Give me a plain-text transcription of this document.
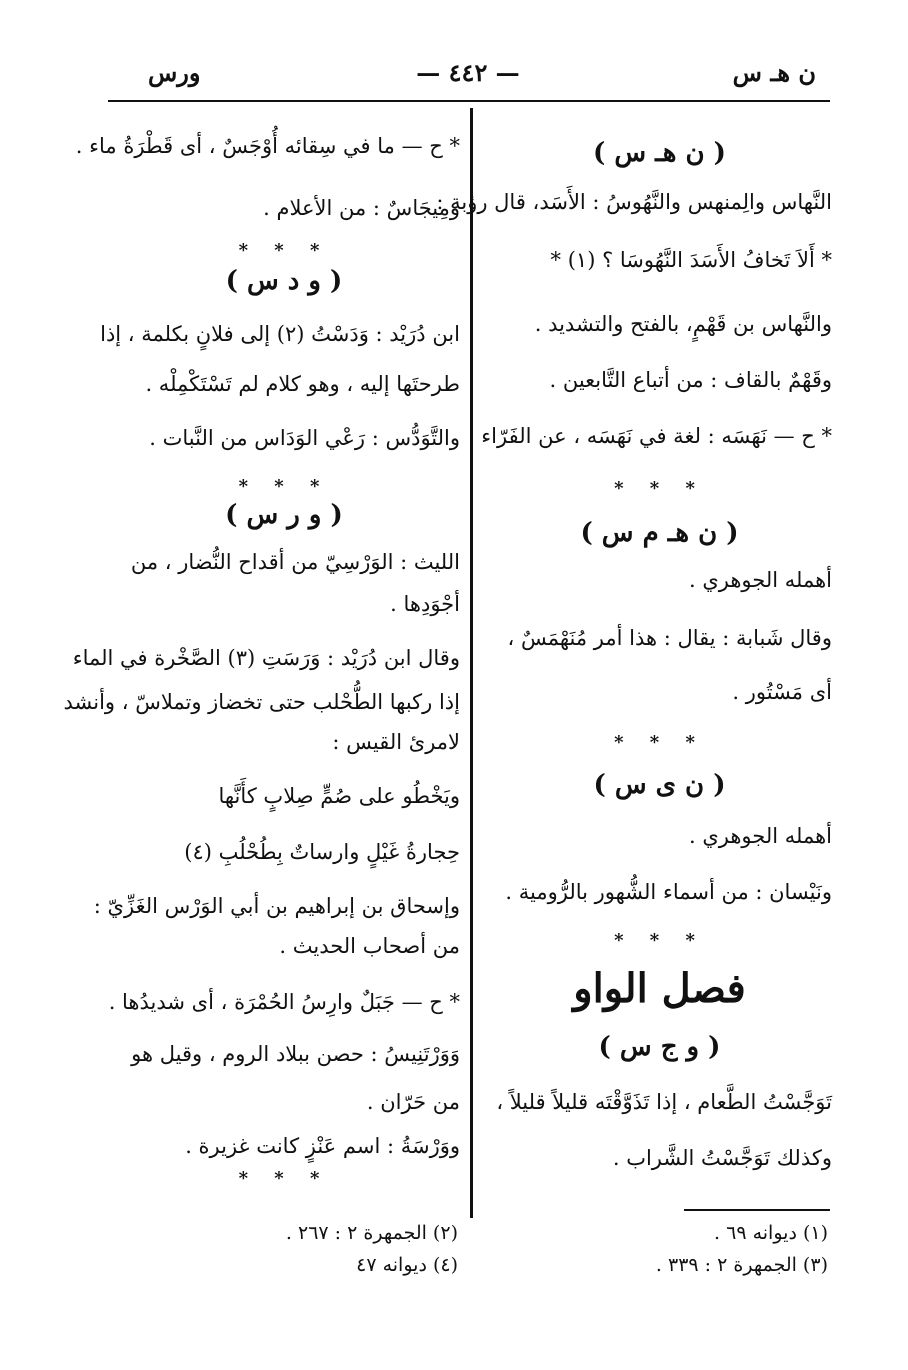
ن هـ س
— ٤٤٢ —
ورس
( ن هـ س )
النَّهاس والِمنهس والنَّهُوسُ : الأَسَد، قال رؤبة :
* أَلاَ تَخافُ الأَسَدَ النَّهُوسَا ؟ (١) *
والنَّهاس بن قَهْمٍ، بالفتح والتشديد .
وقَهْمٌ بالقاف : من أتباع التَّابعين .
* ح — نَهَسَه : لغة في نَهَسَه ، عن الفَرّاء .
* * *
( ن هـ م س )
أهمله الجوهري .
وقال شَبابة : يقال : هذا أمر مُنَهْمَسٌ ،
أى مَسْتُور .
* * *
( ن ى س )
أهمله الجوهري .
ونَيْسان : من أسماء الشُّهور بالرُّومية .
* * *
فصل الواو
( و ج س )
تَوَجَّسْتُ الطَّعام ، إذا تَذَوَّقْتَه قليلاً قليلاً ،
وكذلك تَوَجَّسْتُ الشَّراب .
* ح — ما في سِقائه أُوْجَسٌ ، أى قَطْرَةُ ماء .
ومِيجَاسٌ : من الأعلام .
* * *
( و د س )
ابن دُرَيْد : وَدَسْتُ (٢) إلى فلانٍ بكلمة ، إذا
طرحتَها إليه ، وهو كلام لم تَسْتَكْمِلْه .
والتَّوَدُّس : رَعْي الوَدَاس من النَّبات .
* * *
( و ر س )
الليث : الوَرْسِيّ من أقداح النُّضار ، من
أجْوَدِها .
وقال ابن دُرَيْد : وَرَسَتِ (٣) الصَّخْرة في الماء
إذا ركبها الطُّحْلب حتى تخضاز وتملاسّ ، وأنشد
لامرئ القيس :
ويَخْطُو على صُمٍّ صِلابٍ كأَنَّها
حِجارةُ غَيْلٍ وارساتٌ بِطُحْلُبِ (٤)
وإسحاق بن إبراهيم بن أبي الوَرْس الغَزِّيّ :
من أصحاب الحديث .
* ح — جَبَلٌ وارِسُ الحُمْرَة ، أى شديدُها .
وَوَرْتَنِيسُ : حصن ببلاد الروم ، وقيل هو
من حَرّان .
ووَرْسَةُ : اسم عَنْزٍ كانت غزيرة .
* * *
(١) ديوانه ٦٩ .
(٣) الجمهرة ٢ : ٣٣٩ .
(٢) الجمهرة ٢ : ٢٦٧ .
(٤) ديوانه ٤٧
